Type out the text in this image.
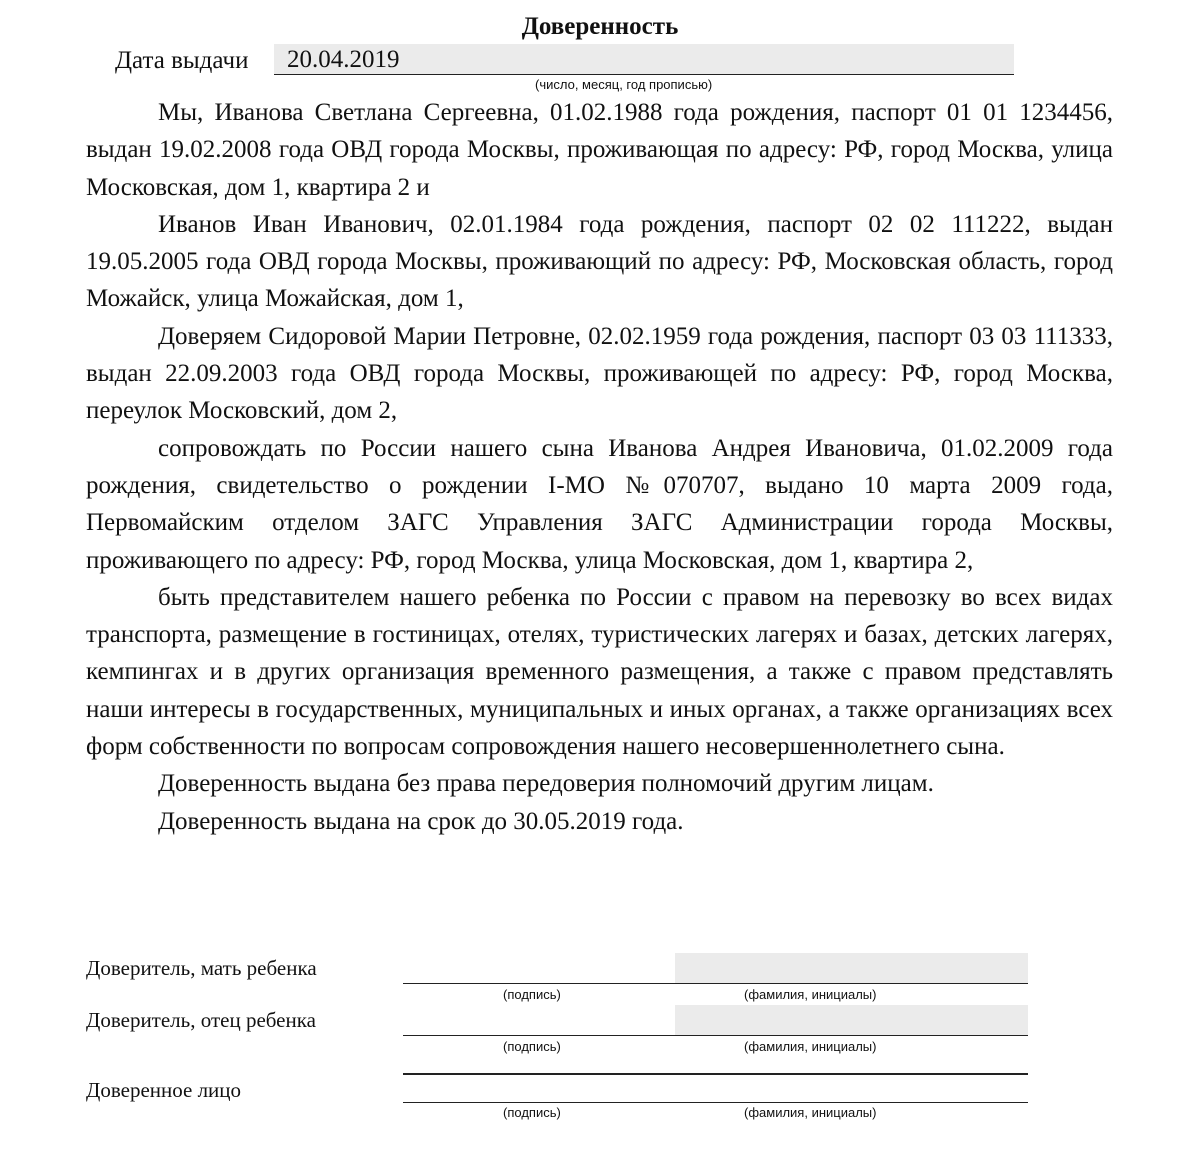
Доверенность
Дата выдачи	20.04.2019
(число, месяц, год прописью)

Мы, Иванова Светлана Сергеевна, 01.02.1988 года рождения, паспорт 01 01 1234456, выдан 19.02.2008 года ОВД города Москвы, проживающая по адресу: РФ, город Москва, улица Московская, дом 1, квартира 2 и

Иванов Иван Иванович, 02.01.1984 года рождения, паспорт 02 02 111222, выдан 19.05.2005 года ОВД города Москвы, проживающий по адресу: РФ, Московская область, город Можайск, улица Можайская, дом 1,

Доверяем Сидоровой Марии Петровне, 02.02.1959 года рождения, паспорт 03 03 111333, выдан 22.09.2003 года ОВД города Москвы, проживающей по адресу: РФ, город Москва, переулок Московский, дом 2,

сопровождать по России нашего сына Иванова Андрея Ивановича, 01.02.2009 года рождения, свидетельство о рождении I-МО №070707, выдано 10 марта 2009 года, Первомайским отделом ЗАГС Управления ЗАГС Администрации города Москвы, проживающего по адресу: РФ, город Москва, улица Московская, дом 1, квартира 2,

быть представителем нашего ребенка по России с правом на перевозку во всех видах транспорта, размещение в гостиницах, отелях, туристических лагерях и базах, детских лагерях, кемпингах и в других организация временного размещения, а также с правом представлять наши интересы в государственных, муниципальных и иных органах, а также организациях всех форм собственности по вопросам сопровождения нашего несовершеннолетнего сына.

Доверенность выдана без права передоверия полномочий другим лицам.

Доверенность выдана на срок до 30.05.2019 года.

Доверитель, мать ребенка
(подпись)	(фамилия, инициалы)
Доверитель, отец ребенка
(подпись)	(фамилия, инициалы)
Доверенное лицо
(подпись)	(фамилия, инициалы)
